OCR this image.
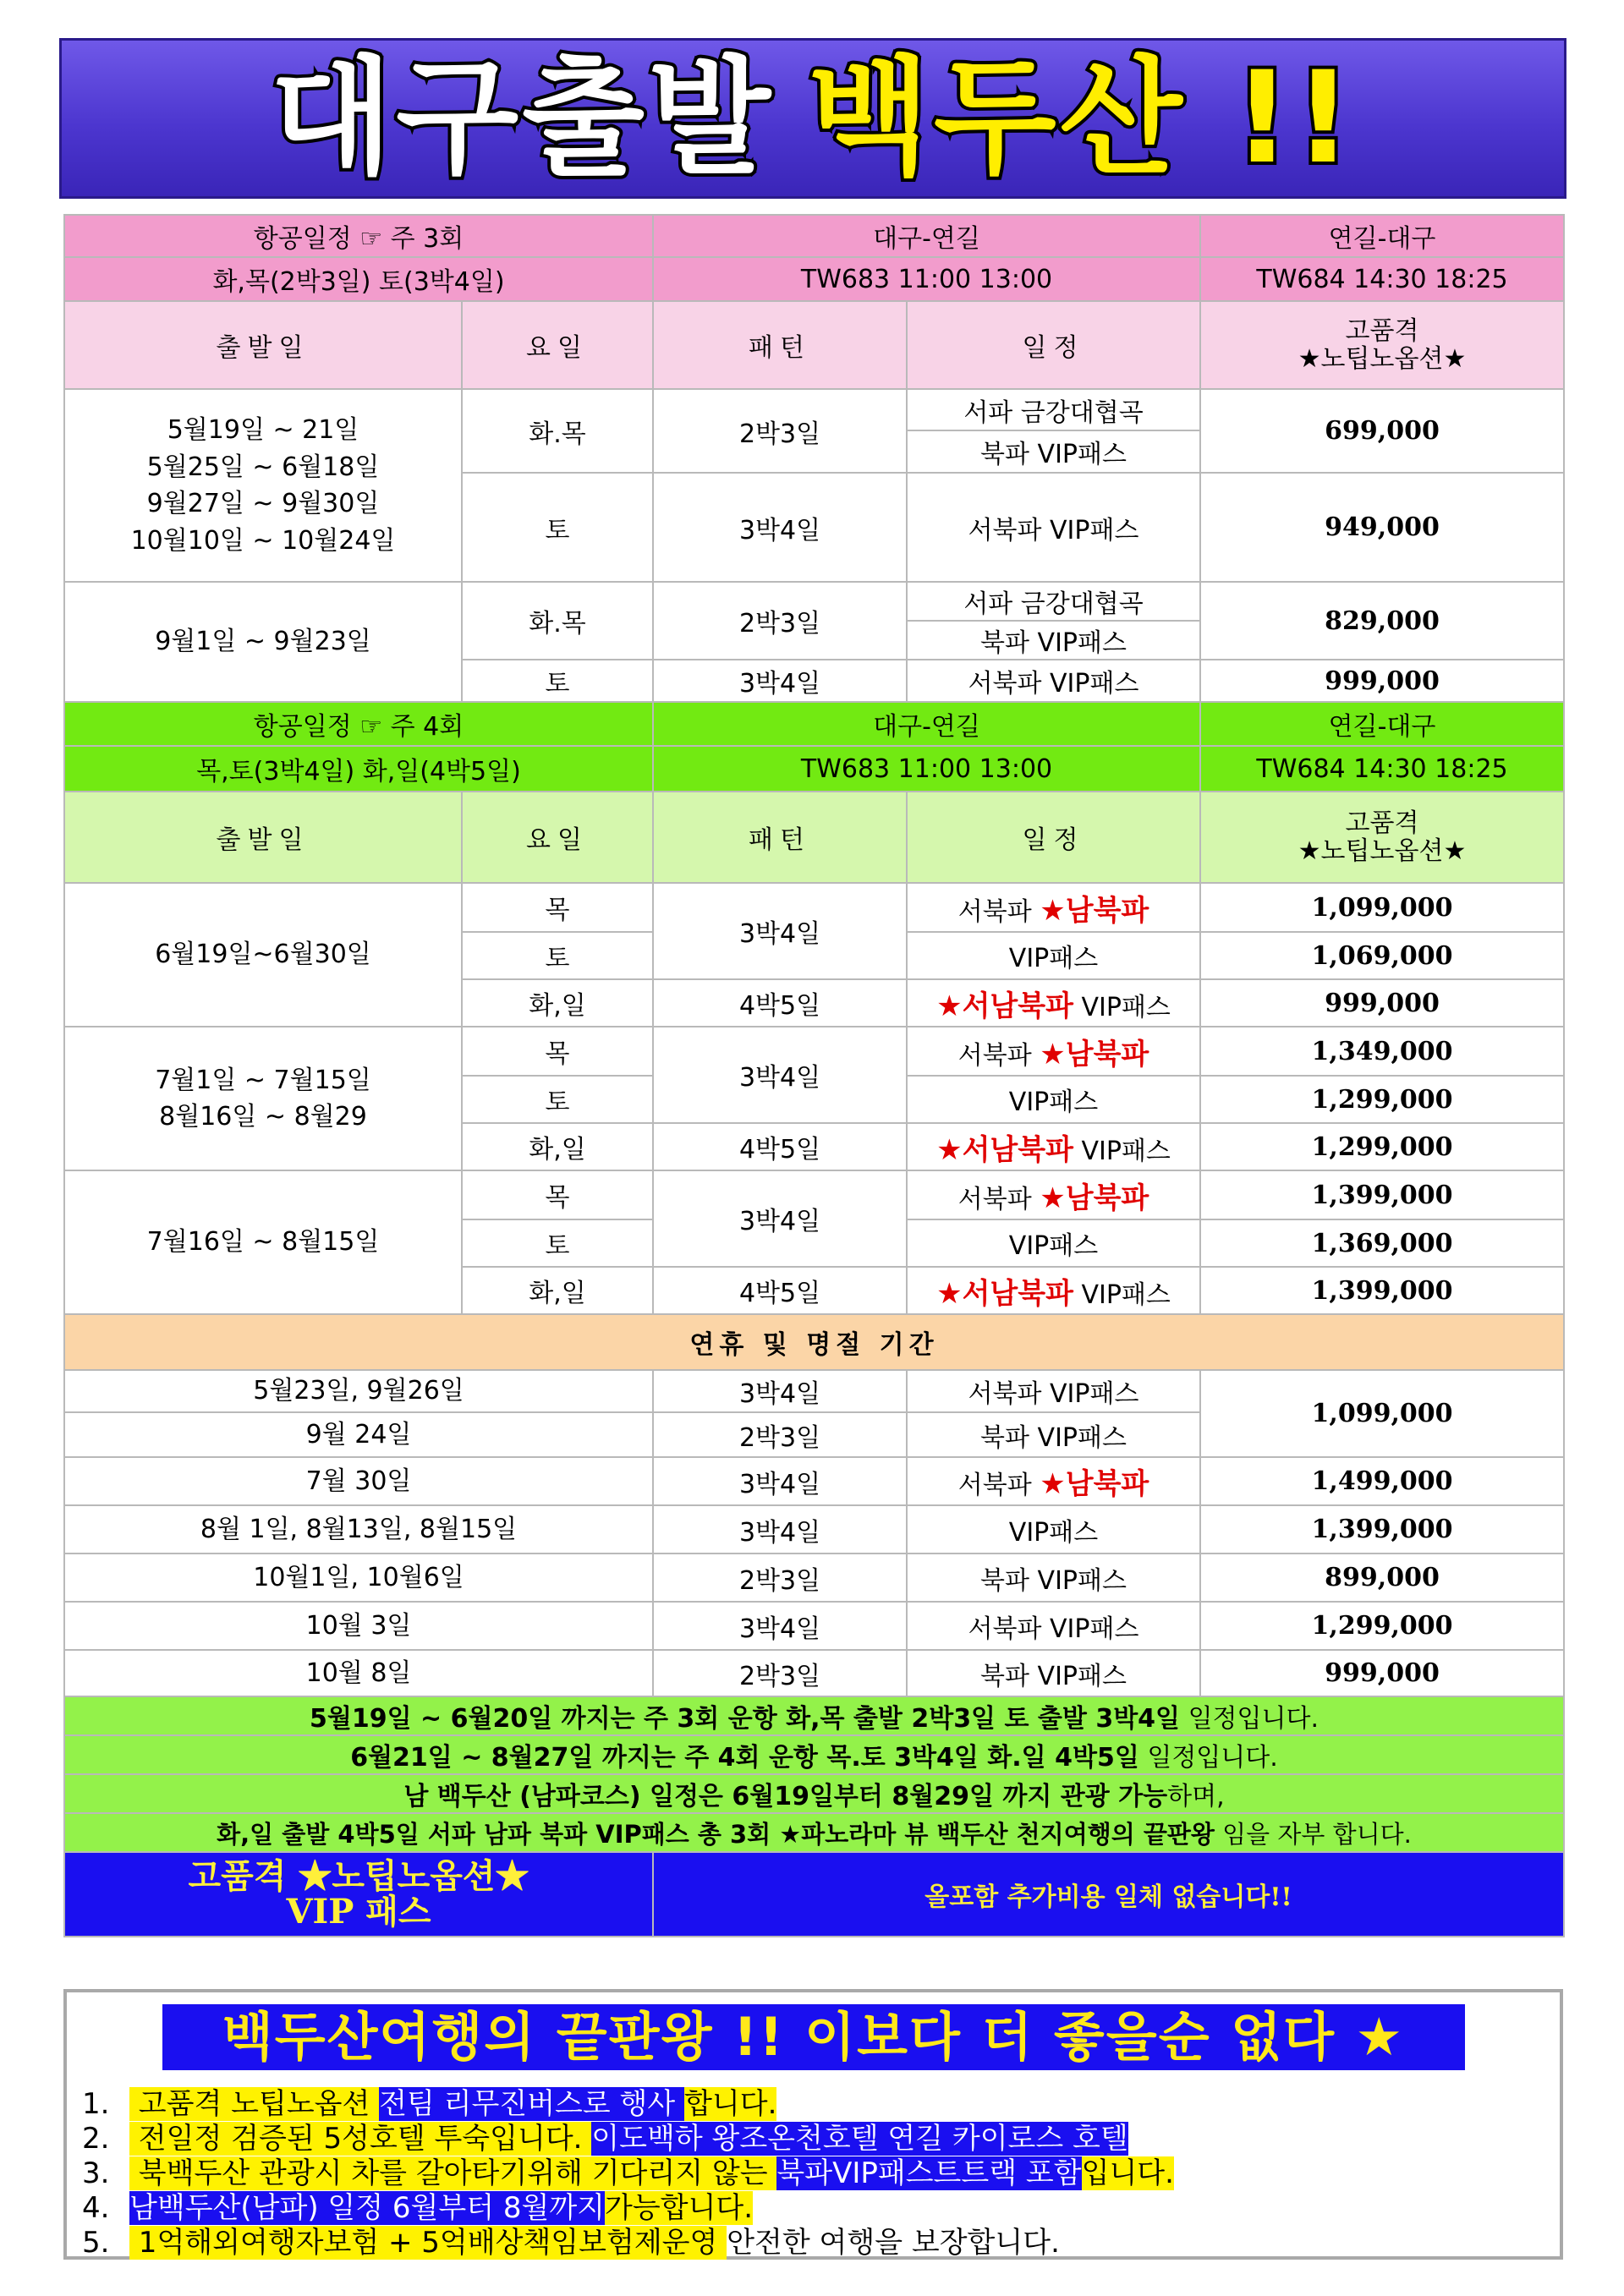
대구출발 백두산 !!
항공일정 ☞ 주 3회		대구-연길		연길-대구
화,목(2박3일) 토(3박4일)		TW683 11:00 13:00		TW684 14:30 18:25
출발일	요일	패턴	일정	고품격
★노팁노옵션★

5월19일 ~ 21일
5월25일 ~ 6월18일
9월27일 ~ 9월30일
10월10일 ~ 10월24일	화.목	2박3일	서파 금강대협곡	699,000
			북파 VIP패스	
	토	3박4일	서북파 VIP패스	949,000

9월1일 ~ 9월23일	화.목	2박3일	서파 금강대협곡	829,000
			북파 VIP패스	
	토	3박4일	서북파 VIP패스	999,000
항공일정 ☞ 주 4회		대구-연길		연길-대구
목,토(3박4일) 화,일(4박5일)		TW683 11:00 13:00		TW684 14:30 18:25
출발일	요일	패턴	일정	고품격
★노팁노옵션★

6월19일~6월30일	목	3박4일	서북파 ★남북파	1,099,000
	토		VIP패스	1,069,000
	화,일	4박5일	★서남북파 VIP패스	999,000

7월1일 ~ 7월15일
8월16일 ~ 8월29	목	3박4일	서북파 ★남북파	1,349,000
	토		VIP패스	1,299,000
	화,일	4박5일	★서남북파 VIP패스	1,299,000
7월16일 ~ 8월15일	목	3박4일	서북파 ★남북파	1,399,000
	토		VIP패스	1,369,000
	화,일	4박5일	★서남북파 VIP패스	1,399,000
연휴 및 명절 기간				
5월23일, 9월26일		3박4일	서북파 VIP패스	1,099,000
9월 24일		2박3일	북파 VIP패스	
7월 30일		3박4일	서북파 ★남북파	1,499,000
8월 1일, 8월13일, 8월15일		3박4일	VIP패스	1,399,000
10월1일, 10월6일		2박3일	북파 VIP패스	899,000
10월 3일		3박4일	서북파 VIP패스	1,299,000
10월 8일		2박3일	북파 VIP패스	999,000
5월19일 ~ 6월20일 까지는 주 3회 운항 화,목 출발 2박3일 토 출발 3박4일 일정입니다.				
6월21일 ~ 8월27일 까지는 주 4회 운항 목.토 3박4일 화.일 4박5일 일정입니다.				
남 백두산 (남파코스) 일정은 6월19일부터 8월29일 까지 관광 가능하며,				
화,일 출발 4박5일 서파 남파 북파 VIP패스 총 3회 ★파노라마 뷰 백두산 천지여행의 끝판왕 임을 자부 합니다.				

고품격 ★노팁노옵션★
VIP 패스		올포함 추가비용 일체 없습니다!!		
백두산여행의 끝판왕 !! 이보다 더 좋을순 없다 ★
1. 고품격 노팁노옵션 전팀 리무진버스로 행사 합니다.
2. 전일정 검증된 5성호텔 투숙입니다. 이도백하 왕조온천호텔 연길 카이로스 호텔
3. 북백두산 관광시 차를 갈아타기위해 기다리지 않는 북파VIP패스트트랙 포함입니다.
4. 남백두산(남파) 일정 6월부터 8월까지가능합니다.
5. 1억해외여행자보험 + 5억배상책임보험제운영 안전한 여행을 보장합니다.
